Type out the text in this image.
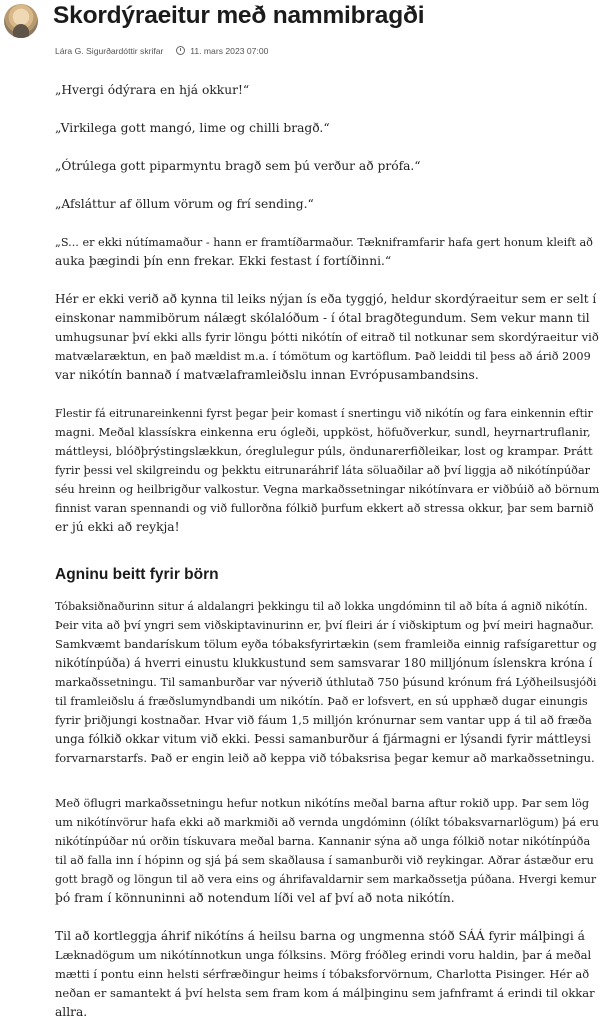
Skordýraeitur með nammibragði
Lára G. Sigurðardóttir skrifar	11. mars 2023 07:00

„Hvergi ódýrara en hjá okkur!“

„Virkilega gott mangó, lime og chilli bragð.“

„Ótrúlega gott piparmyntu bragð sem þú verður að prófa.“

„Afsláttur af öllum vörum og frí sending.“

„S... er ekki nútímamaður - hann er framtíðarmaður. Tækniframfarir hafa gert honum kleift að

auka þægindi þín enn frekar. Ekki festast í fortíðinni.“

Hér er ekki verið að kynna til leiks nýjan ís eða tyggjó, heldur skordýraeitur sem er selt í

einskonar nammibörum nálægt skólalóðum - í ótal bragðtegundum. Sem vekur mann til

umhugsunar því ekki alls fyrir löngu þótti nikótín of eitrað til notkunar sem skordýraeitur við

matvælaræktun, en það mældist m.a. í tómötum og kartöflum. Það leiddi til þess að árið 2009

var nikótín bannað í matvælaframleiðslu innan Evrópusambandsins.

Flestir fá eitrunareinkenni fyrst þegar þeir komast í snertingu við nikótín og fara einkennin eftir

magni. Meðal klassískra einkenna eru ógleði, uppköst, höfuðverkur, sundl, heyrnartruflanir,

máttleysi, blóðþrýstingslækkun, óreglulegur púls, öndunarerfiðleikar, lost og krampar. Þrátt

fyrir þessi vel skilgreindu og þekktu eitrunaráhrif láta söluaðilar að því liggja að nikótínpúðar

séu hreinn og heilbrigður valkostur. Vegna markaðssetningar nikótínvara er viðbúið að börnum

finnist varan spennandi og við fullorðna fólkið þurfum ekkert að stressa okkur, þar sem barnið

er jú ekki að reykja!

Agninu beitt fyrir börn

Tóbaksiðnaðurinn situr á aldalangri þekkingu til að lokka ungdóminn til að bíta á agnið nikótín.

Þeir vita að því yngri sem viðskiptavinurinn er, því fleiri ár í viðskiptum og því meiri hagnaður.

Samkvæmt bandarískum tölum eyða tóbaksfyrirtækin (sem framleiða einnig rafsígarettur og

nikótínpúða) á hverri einustu klukkustund sem samsvarar 180 milljónum íslenskra króna í

markaðssetningu. Til samanburðar var nýverið úthlutað 750 þúsund krónum frá Lýðheilsusjóði

til framleiðslu á fræðslumyndbandi um nikótín. Það er lofsvert, en sú upphæð dugar einungis

fyrir þriðjungi kostnaðar. Hvar við fáum 1,5 milljón krónurnar sem vantar upp á til að fræða

unga fólkið okkar vitum við ekki. Þessi samanburður á fjármagni er lýsandi fyrir máttleysi

forvarnarstarfs. Það er engin leið að keppa við tóbaksrisa þegar kemur að markaðssetningu.

Með öflugri markaðssetningu hefur notkun nikótíns meðal barna aftur rokið upp. Þar sem lög

um nikótínvörur hafa ekki að markmiði að vernda ungdóminn (ólíkt tóbaksvarnarlögum) þá eru

nikótínpúðar nú orðin tískuvara meðal barna. Kannanir sýna að unga fólkið notar nikótínpúða

til að falla inn í hópinn og sjá þá sem skaðlausa í samanburði við reykingar. Aðrar ástæður eru

gott bragð og löngun til að vera eins og áhrifavaldarnir sem markaðssetja púðana. Hvergi kemur

þó fram í könnuninni að notendum líði vel af því að nota nikótín.

Til að kortleggja áhrif nikótíns á heilsu barna og ungmenna stóð SÁÁ fyrir málþingi á

Læknadögum um nikótínnotkun unga fólksins. Mörg fróðleg erindi voru haldin, þar á meðal

mætti í pontu einn helsti sérfræðingur heims í tóbaksforvörnum, Charlotta Pisinger. Hér að

neðan er samantekt á því helsta sem fram kom á málþinginu sem jafnframt á erindi til okkar

allra.
